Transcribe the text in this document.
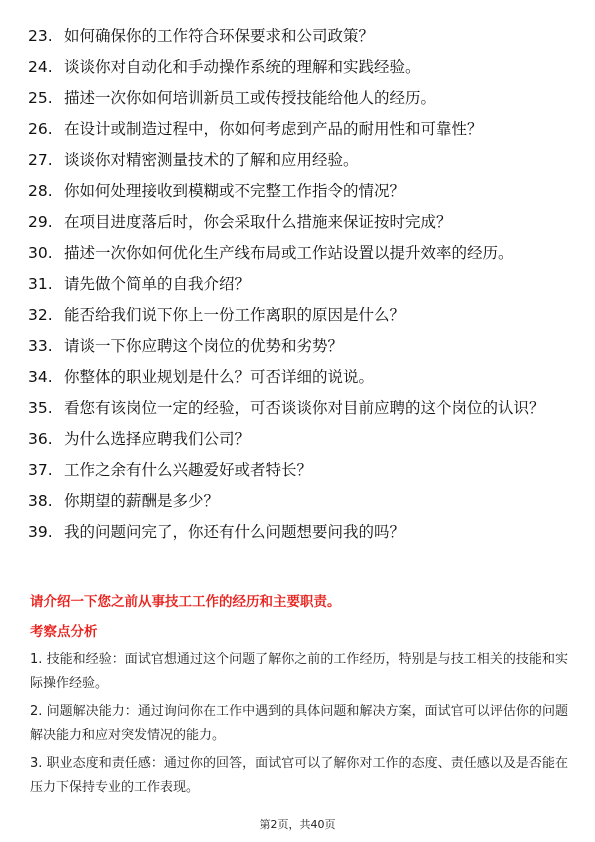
23. 如何确保你的工作符合环保要求和公司政策？
24. 谈谈你对自动化和手动操作系统的理解和实践经验。
25. 描述一次你如何培训新员工或传授技能给他人的经历。
26. 在设计或制造过程中，你如何考虑到产品的耐用性和可靠性？
27. 谈谈你对精密测量技术的了解和应用经验。
28. 你如何处理接收到模糊或不完整工作指令的情况？
29. 在项目进度落后时，你会采取什么措施来保证按时完成？
30. 描述一次你如何优化生产线布局或工作站设置以提升效率的经历。
31. 请先做个简单的自我介绍？
32. 能否给我们说下你上一份工作离职的原因是什么？
33. 请谈一下你应聘这个岗位的优势和劣势？
34. 你整体的职业规划是什么？可否详细的说说。
35. 看您有该岗位一定的经验，可否谈谈你对目前应聘的这个岗位的认识？
36. 为什么选择应聘我们公司？
37. 工作之余有什么兴趣爱好或者特长？
38. 你期望的薪酬是多少？
39. 我的问题问完了，你还有什么问题想要问我的吗？

请介绍一下您之前从事技工工作的经历和主要职责。

考察点分析

1. 技能和经验：面试官想通过这个问题了解你之前的工作经历，特别是与技工相关的技能和实际操作经验。

2. 问题解决能力：通过询问你在工作中遇到的具体问题和解决方案，面试官可以评估你的问题解决能力和应对突发情况的能力。

3. 职业态度和责任感：通过你的回答，面试官可以了解你对工作的态度、责任感以及是否能在压力下保持专业的工作表现。

第2页，共40页
